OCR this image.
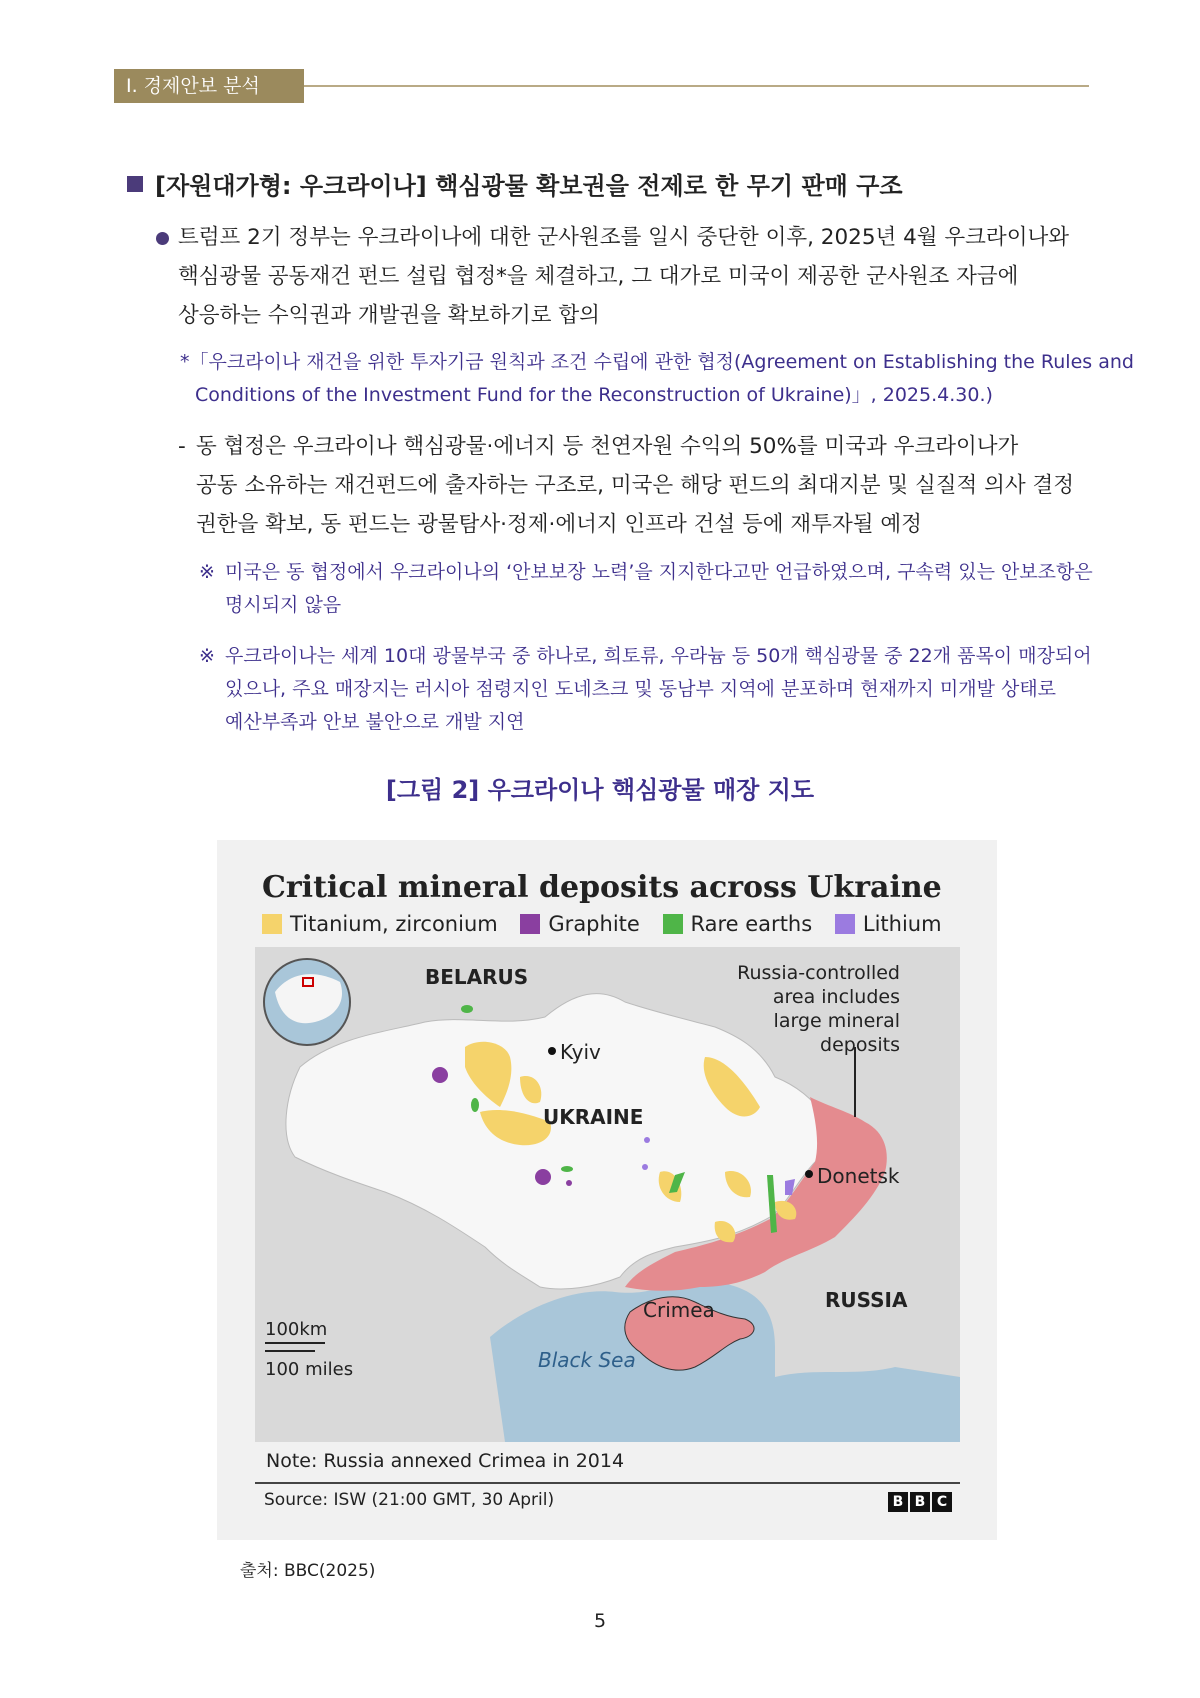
Ⅰ. 경제안보 분석
[자원대가형: 우크라이나] 핵심광물 확보권을 전제로 한 무기 판매 구조
트럼프 2기 정부는 우크라이나에 대한 군사원조를 일시 중단한 이후, 2025년 4월 우크라이나와
핵심광물 공동재건 펀드 설립 협정*을 체결하고, 그 대가로 미국이 제공한 군사원조 자금에
상응하는 수익권과 개발권을 확보하기로 합의
*「우크라이나 재건을 위한 투자기금 원칙과 조건 수립에 관한 협정(Agreement on Establishing the Rules and
Conditions of the Investment Fund for the Reconstruction of Ukraine)」, 2025.4.30.)
- 동 협정은 우크라이나 핵심광물·에너지 등 천연자원 수익의 50%를 미국과 우크라이나가
공동 소유하는 재건펀드에 출자하는 구조로, 미국은 해당 펀드의 최대지분 및 실질적 의사 결정
권한을 확보, 동 펀드는 광물탐사·정제·에너지 인프라 건설 등에 재투자될 예정
※ 미국은 동 협정에서 우크라이나의 ‘안보보장 노력’을 지지한다고만 언급하였으며, 구속력 있는 안보조항은
명시되지 않음
※ 우크라이나는 세계 10대 광물부국 중 하나로, 희토류, 우라늄 등 50개 핵심광물 중 22개 품목이 매장되어
있으나, 주요 매장지는 러시아 점령지인 도네츠크 및 동남부 지역에 분포하며 현재까지 미개발 상태로
예산부족과 안보 불안으로 개발 지연
[그림 2] 우크라이나 핵심광물 매장 지도
Critical mineral deposits across Ukraine
Titanium, zirconium Graphite Rare earths Lithium
BELARUS
Kyiv
UKRAINE
Donetsk
Crimea	RUSSIA
Black Sea
Russia-controlled
area includes
large mineral
deposits
100km
100 miles
Note: Russia annexed Crimea in 2014
Source: ISW (21:00 GMT, 30 April)	B B C
출처: BBC(2025)
5
